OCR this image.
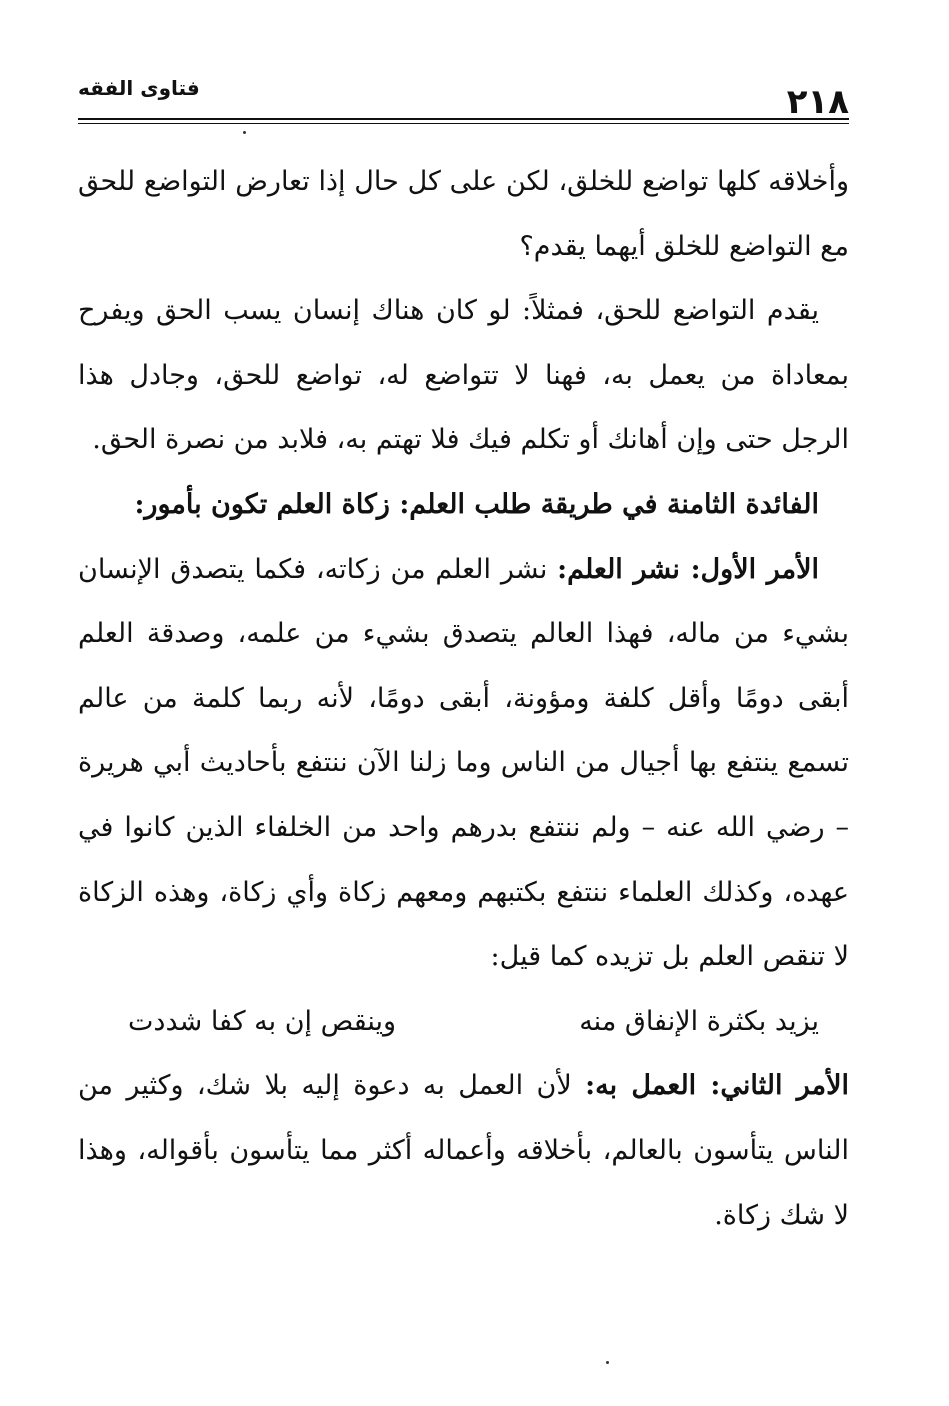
٢١٨
فتاوى الفقه

وأخلاقه كلها تواضع للخلق، لكن على كل حال إذا تعارض التواضع للحق مع التواضع للخلق أيهما يقدم؟

يقدم التواضع للحق، فمثلاً: لو كان هناك إنسان يسب الحق ويفرح بمعاداة من يعمل به، فهنا لا تتواضع له، تواضع للحق، وجادل هذا الرجل حتى وإن أهانك أو تكلم فيك فلا تهتم به، فلابد من نصرة الحق.

الفائدة الثامنة في طريقة طلب العلم: زكاة العلم تكون بأمور:

الأمر الأول: نشر العلم: نشر العلم من زكاته، فكما يتصدق الإنسان بشيء من ماله، فهذا العالم يتصدق بشيء من علمه، وصدقة العلم أبقى دومًا وأقل كلفة ومؤونة، أبقى دومًا، لأنه ربما كلمة من عالم تسمع ينتفع بها أجيال من الناس وما زلنا الآن ننتفع بأحاديث أبي هريرة – رضي الله عنه – ولم ننتفع بدرهم واحد من الخلفاء الذين كانوا في عهده، وكذلك العلماء ننتفع بكتبهم ومعهم زكاة وأي زكاة، وهذه الزكاة لا تنقص العلم بل تزيده كما قيل:

يزيد بكثرة الإنفاق منه
وينقص إن به كفا شددت

الأمر الثاني: العمل به: لأن العمل به دعوة إليه بلا شك، وكثير من الناس يتأسون بالعالم، بأخلاقه وأعماله أكثر مما يتأسون بأقواله، وهذا لا شك زكاة.
